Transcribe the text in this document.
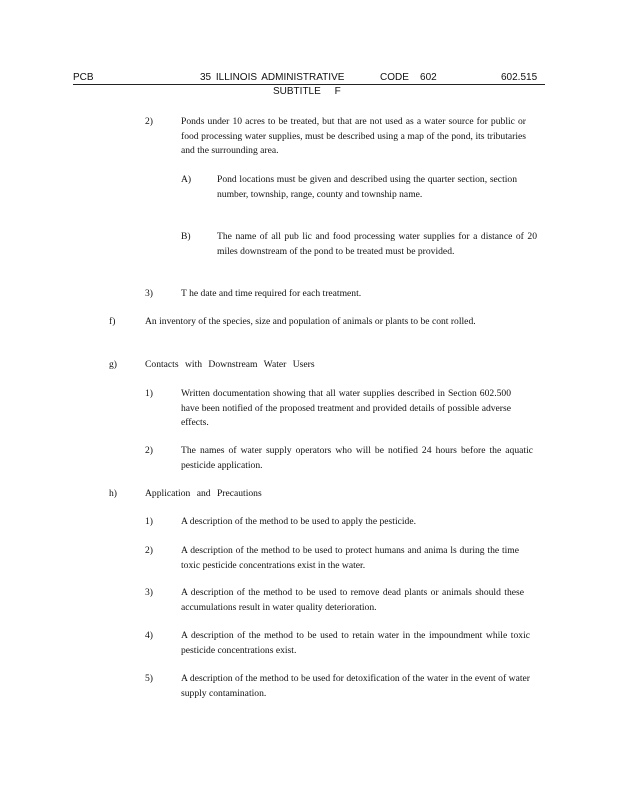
PCB	35 ILLINOIS ADMINISTRATIVE	CODE    602	602.515
SUBTITLE     F
2)	Ponds under 10 acres to be treated, but that are not used as a water source for public or food processing water supplies, must be described using a map of the pond, its tributaries and the surrounding area.
A)	Pond locations must be given and described using the quarter section, section number, township, range, county and township name.
B)	The name of all pub lic and food processing water supplies for a distance of 20 miles downstream of the pond to be treated must be provided.
3)	T he date and time required for each treatment.
f)	An inventory of the species, size and population of animals or plants to be cont rolled.
g)	Contacts with Downstream Water Users
1)	Written documentation showing that all water supplies described in Section 602.500 have been notified of the proposed treatment and provided details of possible adverse effects.
2)	The names of water supply operators who will be notified 24 hours before the aquatic pesticide application.
h)	Application and Precautions
1)	A description of the method to be used to apply the pesticide.
2)	A description of the method to be used to protect humans and anima ls during the time toxic pesticide concentrations exist in the water.
3)	A description of the method to be used to remove dead plants or animals should these accumulations result in water quality deterioration.
4)	A description of the method to be used to retain water in the impoundment while toxic pesticide concentrations exist.
5)	A description of the method to be used for detoxification of the water in the event of water supply contamination.
